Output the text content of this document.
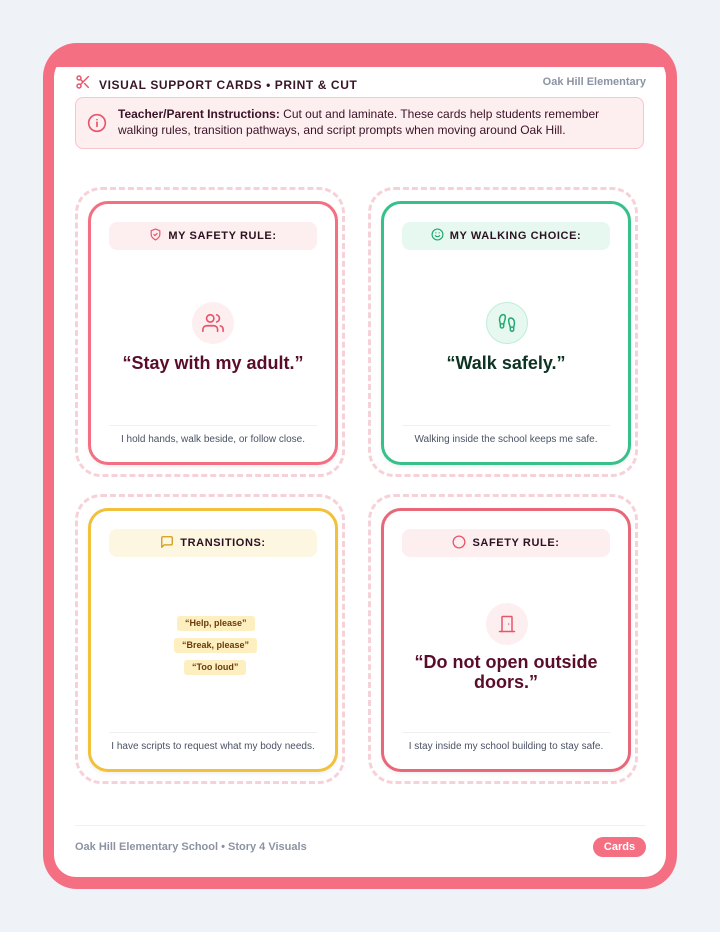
VISUAL SUPPORT CARDS • PRINT & CUT	Oak Hill Elementary
Teacher/Parent Instructions: Cut out and laminate. These cards help students remember walking rules, transition pathways, and script prompts when moving around Oak Hill.
MY SAFETY RULE:
“Stay with my adult.”
I hold hands, walk beside, or follow close.
MY WALKING CHOICE:
“Walk safely.”
Walking inside the school keeps me safe.
TRANSITIONS:
“Help, please”
“Break, please”
“Too loud”
I have scripts to request what my body needs.
SAFETY RULE:
“Do not open outside doors.”
I stay inside my school building to stay safe.
Oak Hill Elementary School • Story 4 Visuals	Cards
